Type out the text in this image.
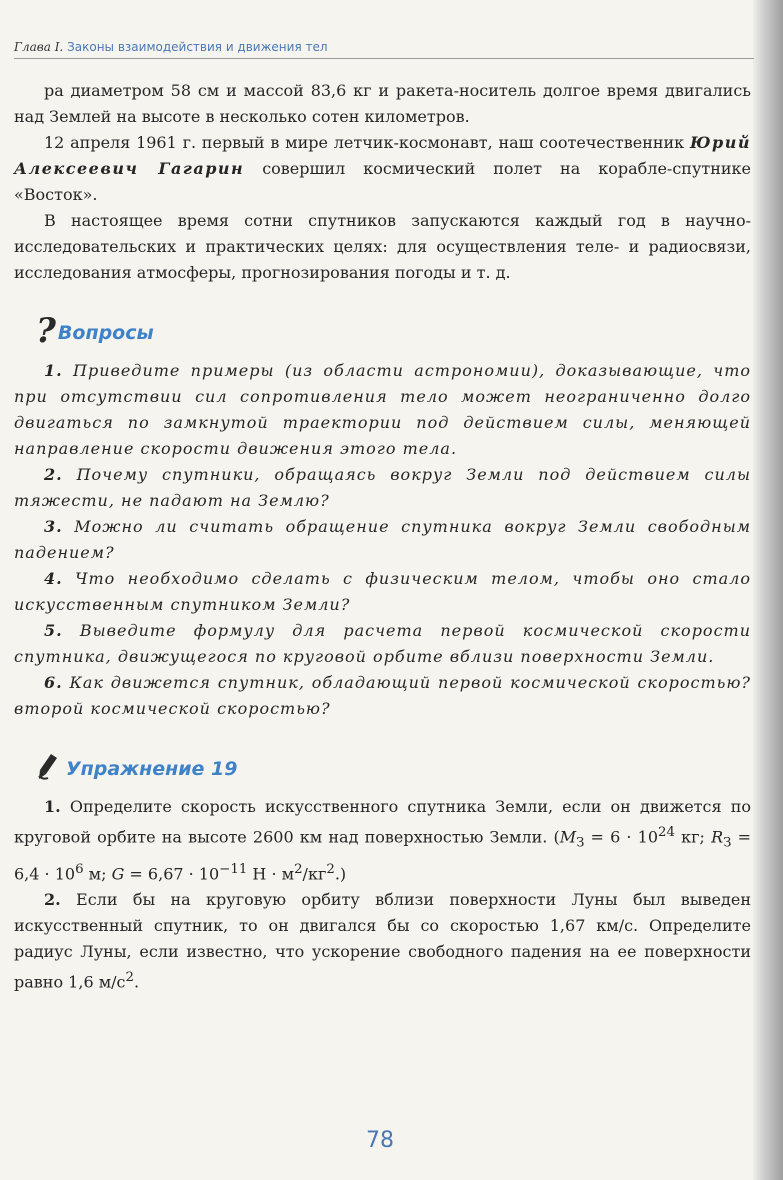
Глава I. Законы взаимодействия и движения тел

ра диаметром 58 см и массой 83,6 кг и ракета-носитель долгое время двигались над Землей на высоте в несколько сотен километров.

12 апреля 1961 г. первый в мире летчик-космонавт, наш соотечественник Юрий Алексеевич Гагарин совершил космический полет на корабле-спутнике «Восток».

В настоящее время сотни спутников запускаются каждый год в научно-исследовательских и практических целях: для осуществления теле- и радиосвязи, исследования атмосферы, прогнозирования погоды и т. д.

? Вопросы

1. Приведите примеры (из области астрономии), доказывающие, что при отсутствии сил сопротивления тело может неограниченно долго двигаться по замкнутой траектории под действием силы, меняющей направление скорости движения этого тела.

2. Почему спутники, обращаясь вокруг Земли под действием силы тяжести, не падают на Землю?

3. Можно ли считать обращение спутника вокруг Земли свободным падением?

4. Что необходимо сделать с физическим телом, чтобы оно стало искусственным спутником Земли?

5. Выведите формулу для расчета первой космической скорости спутника, движущегося по круговой орбите вблизи поверхности Земли.

6. Как движется спутник, обладающий первой космической скоростью? второй космической скоростью?

Упражнение 19

1. Определите скорость искусственного спутника Земли, если он движется по круговой орбите на высоте 2600 км над поверхностью Земли. ($M_З = 6 \cdot 10^{24}$ кг; $R_З = 6,4 \cdot 10^6$ м; $G = 6,67 \cdot 10^{-11}$ $Н \cdot м^2/кг^2$.)

2. Если бы на круговую орбиту вблизи поверхности Луны был выведен искусственный спутник, то он двигался бы со скоростью 1,67 км/с. Определите радиус Луны, если известно, что ускорение свободного падения на ее поверхности равно 1,6 $м/с^2$.

78
